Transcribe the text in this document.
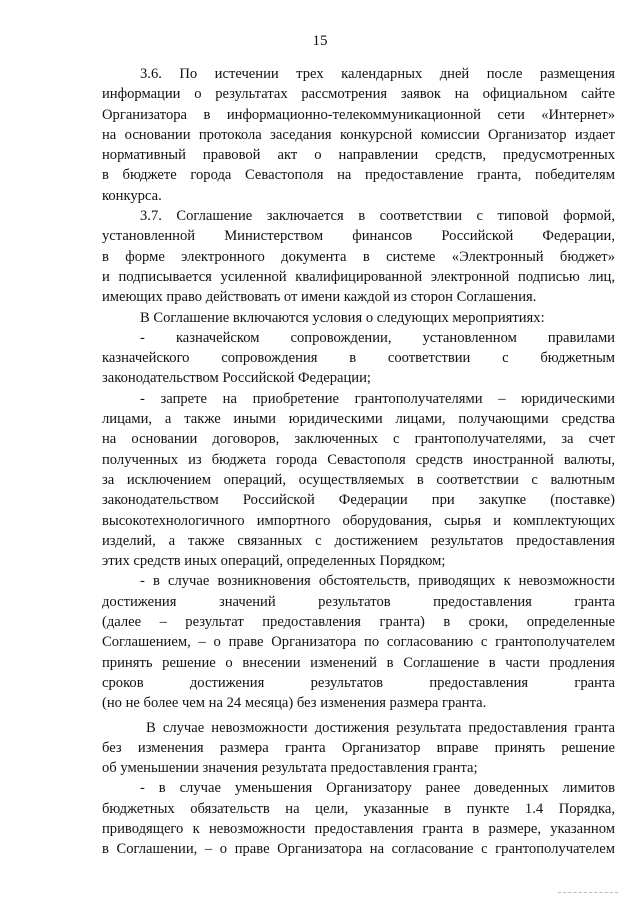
15
3.6. По истечении трех календарных дней после размещения
информации о результатах рассмотрения заявок на официальном сайте
Организатора в информационно-телекоммуникационной сети «Интернет»
на основании протокола заседания конкурсной комиссии Организатор издает
нормативный правовой акт о направлении средств, предусмотренных
в бюджете города Севастополя на предоставление гранта, победителям
конкурса.
3.7. Соглашение заключается в соответствии с типовой формой,
установленной Министерством финансов Российской Федерации,
в форме электронного документа в системе «Электронный бюджет»
и подписывается усиленной квалифицированной электронной подписью лиц,
имеющих право действовать от имени каждой из сторон Соглашения.
В Соглашение включаются условия о следующих мероприятиях:
- казначейском сопровождении, установленном правилами
казначейского сопровождения в соответствии с бюджетным
законодательством Российской Федерации;
- запрете на приобретение грантополучателями – юридическими
лицами, а также иными юридическими лицами, получающими средства
на основании договоров, заключенных с грантополучателями, за счет
полученных из бюджета города Севастополя средств иностранной валюты,
за исключением операций, осуществляемых в соответствии с валютным
законодательством Российской Федерации при закупке (поставке)
высокотехнологичного импортного оборудования, сырья и комплектующих
изделий, а также связанных с достижением результатов предоставления
этих средств иных операций, определенных Порядком;
- в случае возникновения обстоятельств, приводящих к невозможности
достижения значений результатов предоставления гранта
(далее – результат предоставления гранта) в сроки, определенные
Соглашением, – о праве Организатора по согласованию с грантополучателем
принять решение о внесении изменений в Соглашение в части продления
сроков достижения результатов предоставления гранта
(но не более чем на 24 месяца) без изменения размера гранта.
В случае невозможности достижения результата предоставления гранта
без изменения размера гранта Организатор вправе принять решение
об уменьшении значения результата предоставления гранта;
- в случае уменьшения Организатору ранее доведенных лимитов
бюджетных обязательств на цели, указанные в пункте 1.4 Порядка,
приводящего к невозможности предоставления гранта в размере, указанном
в Соглашении, – о праве Организатора на согласование с грантополучателем
